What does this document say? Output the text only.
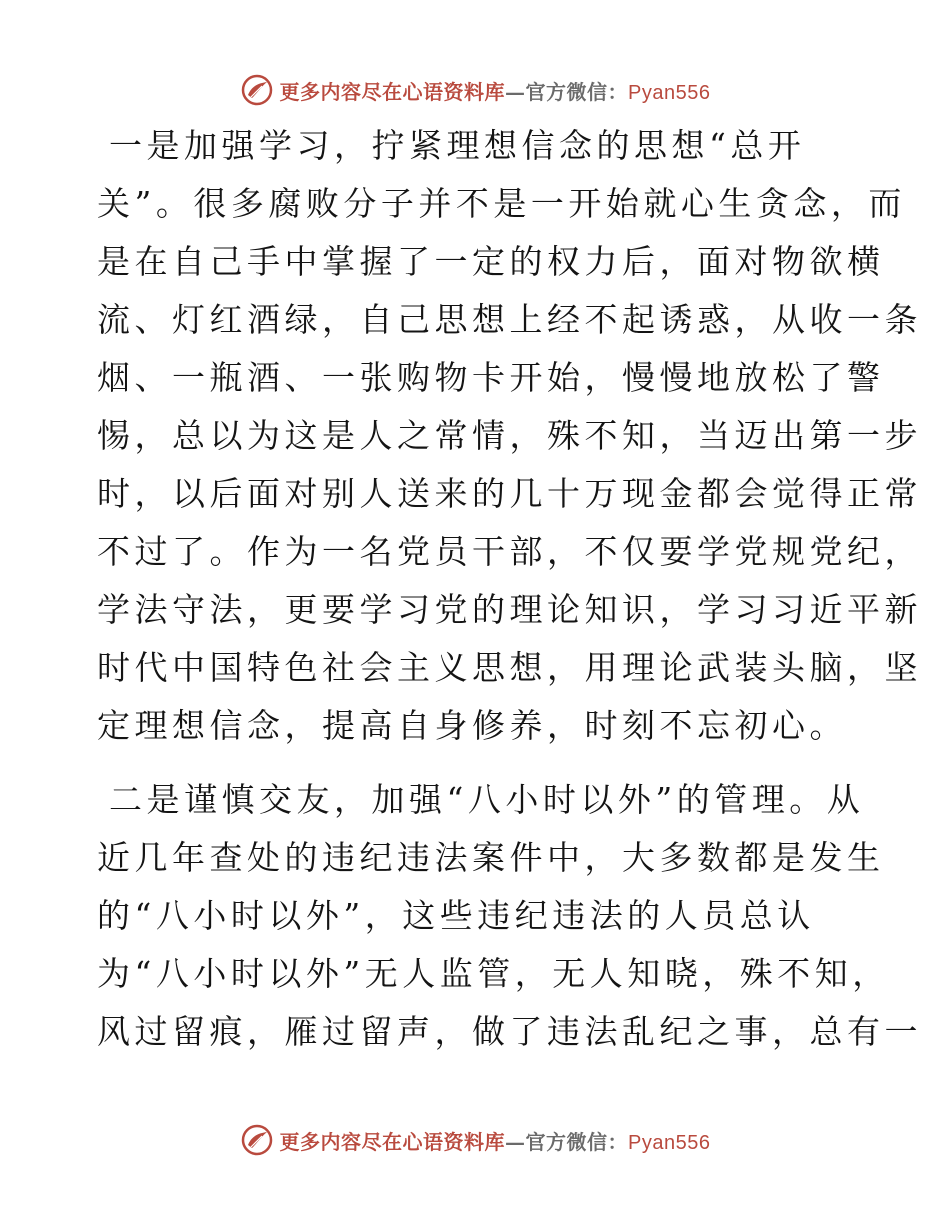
更多内容尽在心语资料库 —官方微信： Pyan556

一是加强学习，拧紧理想信念的思想“总开
关”。很多腐败分子并不是一开始就心生贪念，而
是在自己手中掌握了一定的权力后，面对物欲横
流、灯红酒绿，自己思想上经不起诱惑，从收一条
烟、一瓶酒、一张购物卡开始，慢慢地放松了警
惕，总以为这是人之常情，殊不知，当迈出第一步
时，以后面对别人送来的几十万现金都会觉得正常
不过了。作为一名党员干部，不仅要学党规党纪，
学法守法，更要学习党的理论知识，学习习近平新
时代中国特色社会主义思想，用理论武装头脑，坚
定理想信念，提高自身修养，时刻不忘初心。

二是谨慎交友，加强“八小时以外”的管理。从
近几年查处的违纪违法案件中，大多数都是发生
的“八小时以外”，这些违纪违法的人员总认
为“八小时以外”无人监管，无人知晓，殊不知，
风过留痕，雁过留声，做了违法乱纪之事，总有一

更多内容尽在心语资料库 —官方微信： Pyan556
